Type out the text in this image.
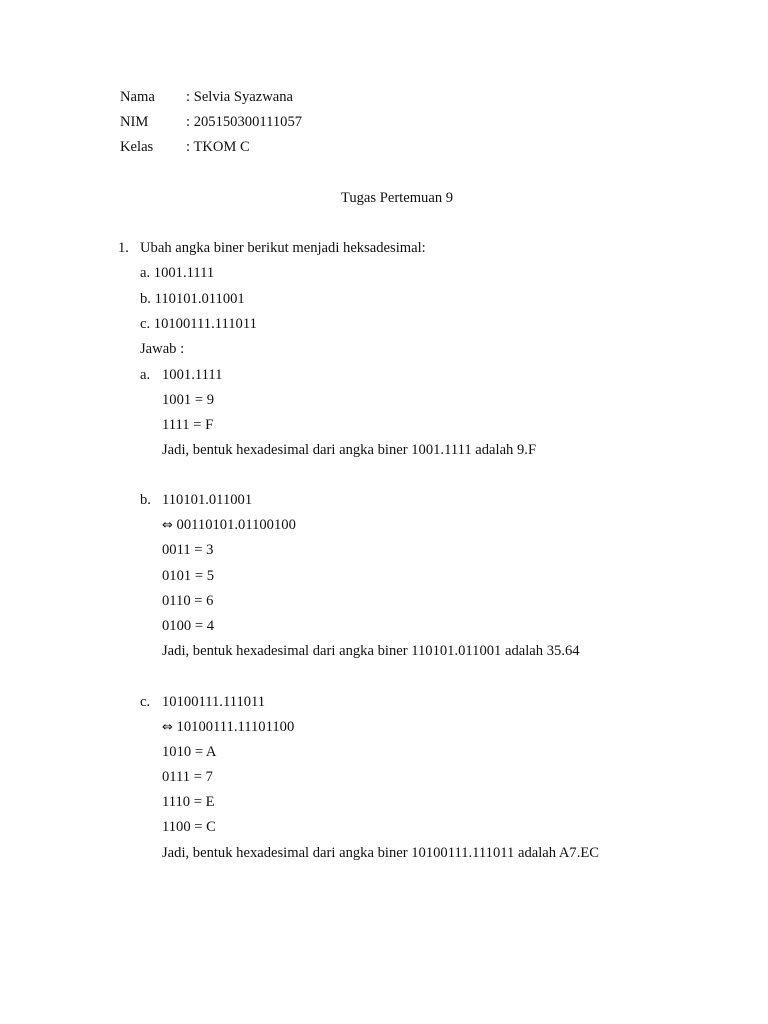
Nama : Selvia Syazwana
NIM	: 205150300111057
Kelas : TKOM C
Tugas Pertemuan 9
1. Ubah angka biner berikut menjadi heksadesimal:
a. 1001.1111
b. 110101.011001
c. 10100111.111011
Jawab :
a. 1001.1111
1001 = 9
1111 = F
Jadi, bentuk hexadesimal dari angka biner 1001.1111 adalah 9.F
b. 110101.011001
⇔ 00110101.01100100
0011 = 3
0101 = 5
0110 = 6
0100 = 4
Jadi, bentuk hexadesimal dari angka biner 110101.011001 adalah 35.64
c. 10100111.111011
⇔ 10100111.11101100
1010 = A
0111 = 7
1110 = E
1100 = C
Jadi, bentuk hexadesimal dari angka biner 10100111.111011 adalah A7.EC
